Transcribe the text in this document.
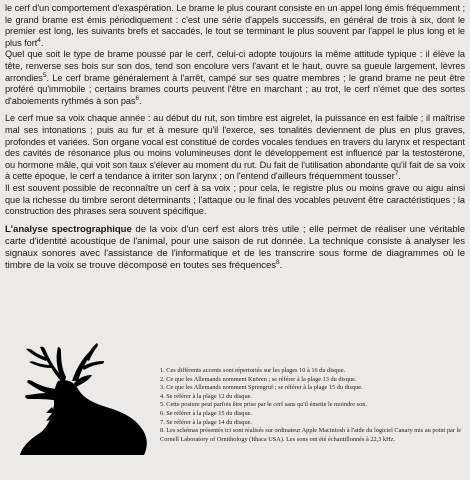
le cerf d'un comportement d'exaspération. Le brame le plus courant consiste en un appel long émis fréquemment ; le grand brame est émis périodiquement : c'est une série d'appels successifs, en général de trois à six, dont le premier est long, les suivants brefs et saccadés, le tout se terminant le plus souvent par l'appel le plus long et le plus fort$^4$.

Quel que soit le type de brame poussé par le cerf, celui-ci adopte toujours la même attitude typique : il élève la tête, renverse ses bois sur son dos, tend son encolure vers l'avant et le haut, ouvre sa gueule largement, lèvres arrondies$^5$. Le cerf brame généralement à l'arrêt, campé sur ses quatre membres ; le grand brame ne peut être proféré qu'immobile ; certains brames courts peuvent l'être en marchant ; au trot, le cerf n'émet que des sortes d'aboiements rythmés à son pas$^6$.

Le cerf mue sa voix chaque année : au début du rut, son timbre est aigrelet, la puissance en est faible ; il maîtrise mal ses intonations ; puis au fur et à mesure qu'il l'exerce, ses tonalités deviennent de plus en plus graves, profondes et variées. Son organe vocal est constitué de cordes vocales tendues en travers du larynx et respectant des cavités de résonance plus ou moins volumineuses dont le développement est influencé par la testostérone, ou hormone mâle, qui voit son taux s'élever au moment du rut. Du fait de l'utilisation abondante qu'il fait de sa voix à cette époque, le cerf a tendance à irriter son larynx ; on l'entend d'ailleurs fréquemment tousser$^7$.

Il est souvent possible de reconnaître un cerf à sa voix ; pour cela, le registre plus ou moins grave ou aigu ainsi que la richesse du timbre seront déterminants ; l'attaque ou le final des vocables peuvent être caractéristiques ; la construction des phrases sera souvent spécifique.

L'analyse spectrographique de la voix d'un cerf est alors très utile ; elle permet de réaliser une véritable carte d'identité acoustique de l'animal, pour une saison de rut donnée. La technique consiste à analyser les signaux sonores avec l'assistance de l'informatique et de les transcrire sous forme de diagrammes où le timbre de la voix se trouve décomposé en toutes ses fréquences$^8$.

1. Ces différents accents sont répertoriés sur les plages 10 à 16 du disque.
2. Ce que les Allemands nomment Knören ; se référer à la plage 13 du disque.
3. Ce que les Allemands nomment Sprengruf ; se référer à la plage 15 du disque.
4. Se référer à la plage 12 du disque.
5. Cette posture peut parfois être prise par le cerf sans qu'il émette le moindre son.
6. Se référer à la plage 15 du disque.
7. Se référer à la plage 14 du disque.
8. Les schémas présentés ici sont réalisés sur ordinateur Apple Macintosh à l'aide du logiciel Canary mis au point par le Cornell Laboratory of Ornithology (Ithaca USA). Les sons ont été échantillonnés à 22,3 kHz.
